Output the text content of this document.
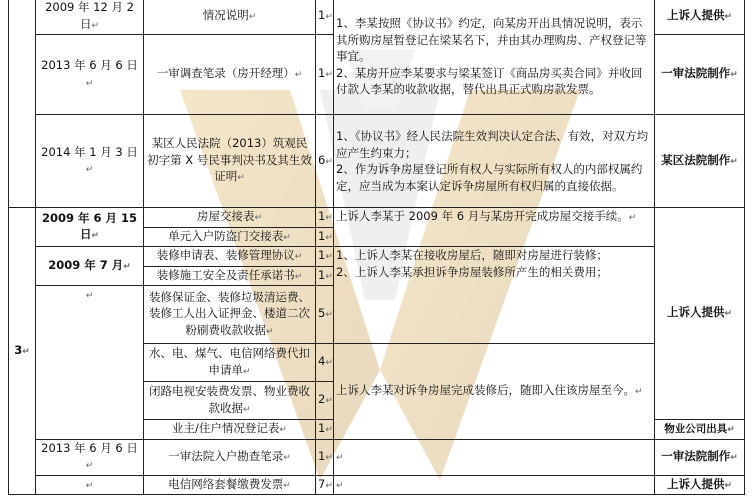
	2009 年 12 月 2 日↵	情况说明↵	1↵	1、李某按照《协议书》约定，向某房开出具情况说明，表示其所购房屋暂登记在梁某名下，并由其办理购房、产权登记等事宜。
2、某房开应李某要求与梁某签订《商品房买卖合同》并收回付款人李某的收款收据，替代出具正式购房款发票。	上诉人提供↵
	2013 年 6 月 6 日↵	一审调查笔录（房开经理）↵	1↵		一审法院制作↵
	2014 年 1 月 3 日↵	某区人民法院（2013）筑观民初字第 X 号民事判决书及其生效证明↵	6↵	1、《协议书》经人民法院生效判决认定合法、有效，对双方均应产生约束力；
2、作为诉争房屋登记所有权人与实际所有权人的内部权属约定，应当成为本案认定诉争房屋所有权归属的直接依据。	某区法院制作↵
3↵	2009 年 6 月 15 日↵	房屋交接表↵	1↵	上诉人李某于 2009 年 6 月与某房开完成房屋交接手续。↵	上诉人提供↵
		单元入户防盗门交接表↵	1↵		
	2009 年 7 月↵	装修申请表、装修管理协议↵	1↵	1、上诉人李某在接收房屋后，随即对房屋进行装修；
2、上诉人李某承担诉争房屋装修所产生的相关费用；	

		装修施工安全及责任承诺书↵	1↵		
	↵	装修保证金、装修垃圾清运费、装修工人出入证押金、楼道二次粉刷费收款收据↵	5↵		
		水、电、煤气、电信网络费代扣申请单↵	4↵	上诉人李某对诉争房屋完成装修后，随即入住该房屋至今。↵	
		闭路电视安装费发票、物业费收款收据↵	2↵		
		业主/住户情况登记表↵	1↵		物业公司出具↵
	2013 年 6 月 6 日↵	一审法院入户勘查笔录↵	1↵	↵	一审法院制作↵
	↵	电信网络套餐缴费发票↵	7↵	↵	上诉人提供↵
